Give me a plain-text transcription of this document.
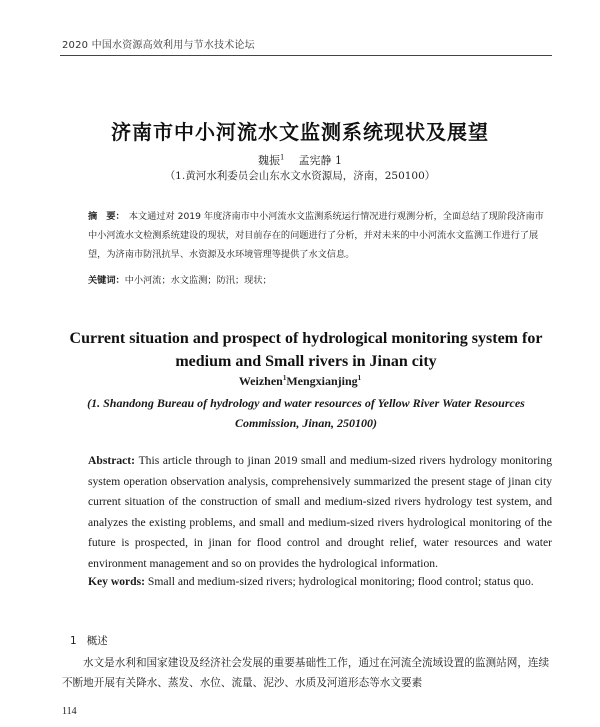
2020 中国水资源高效利用与节水技术论坛
济南市中小河流水文监测系统现状及展望
魏振$^1$ 孟宪静 1
（1.黄河水利委员会山东水文水资源局，济南，250100）
摘　要： 本文通过对 2019 年度济南市中小河流水文监测系统运行情况进行观测分析，全面总结了现阶段济南市中小河流水文检测系统建设的现状，对目前存在的问题进行了分析，并对未来的中小河流水文监测工作进行了展望，为济南市防汛抗旱、水资源及水环境管理等提供了水文信息。
关键词：中小河流；水文监测；防汛；现状；
Current situation and prospect of hydrological monitoring system for medium and Small rivers in Jinan city
Weizhen$^1$Mengxianjing$^1$
(1. Shandong Bureau of hydrology and water resources of Yellow River Water Resources Commission, Jinan, 250100)
Abstract: This article through to jinan 2019 small and medium-sized rivers hydrology monitoring system operation observation analysis, comprehensively summarized the present stage of jinan city current situation of the construction of small and medium-sized rivers hydrology test system, and analyzes the existing problems, and small and medium-sized rivers hydrological monitoring of the future is prospected, in jinan for flood control and drought relief, water resources and water environment management and so on provides the hydrological information.
Key words: Small and medium-sized rivers; hydrological monitoring; flood control; status quo.
1 概述
水文是水利和国家建设及经济社会发展的重要基础性工作，通过在河流全流域设置的监测站网，连续不断地开展有关降水、蒸发、水位、流量、泥沙、水质及河道形态等水文要素
114
